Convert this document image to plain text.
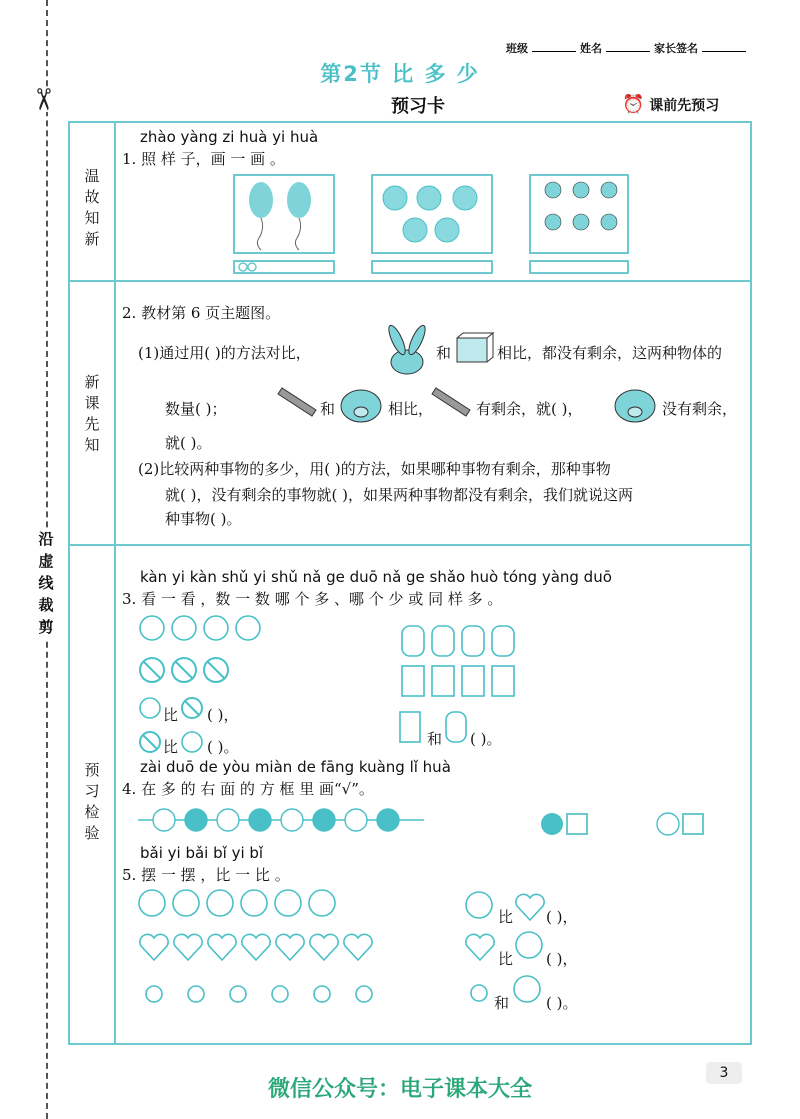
✂
沿虚线裁剪
班级	姓名	家长签名
第2节 比 多 少
预习卡	⏰ 课前先预习
温故知新
新课先知
预习检验
zhào yàng zi huà yi huà
1. 照 样 子，画 一 画 。
2. 教材第 6 页主题图。
(1)通过用( )的方法对比，	和	相比，都没有剩余，这两种物体的
数量( )；	和	相比，	有剩余，就( )，	没有剩余，
就( )。
(2)比较两种事物的多少，用( )的方法，如果哪种事物有剩余，那种事物
就( )，没有剩余的事物就( )，如果两种事物都没有剩余，我们就说这两
种事物( )。
kàn yi kàn shǔ yi shǔ nǎ ge duō nǎ ge shǎo huò tóng yàng duō
3. 看 一 看 ，数 一 数 哪 个 多 、哪 个 少 或 同 样 多 。
比 ( )，
比 ( )。	和 ( )。
zài duō de yòu miàn de fāng kuàng lǐ huà
4. 在 多 的 右 面 的 方 框 里 画“√”。
bǎi yi bǎi bǐ yi bǐ
5. 摆 一 摆 ，比 一 比 。
比 ( )，
比 ( )，
和 ( )。
3
微信公众号：电子课本大全
